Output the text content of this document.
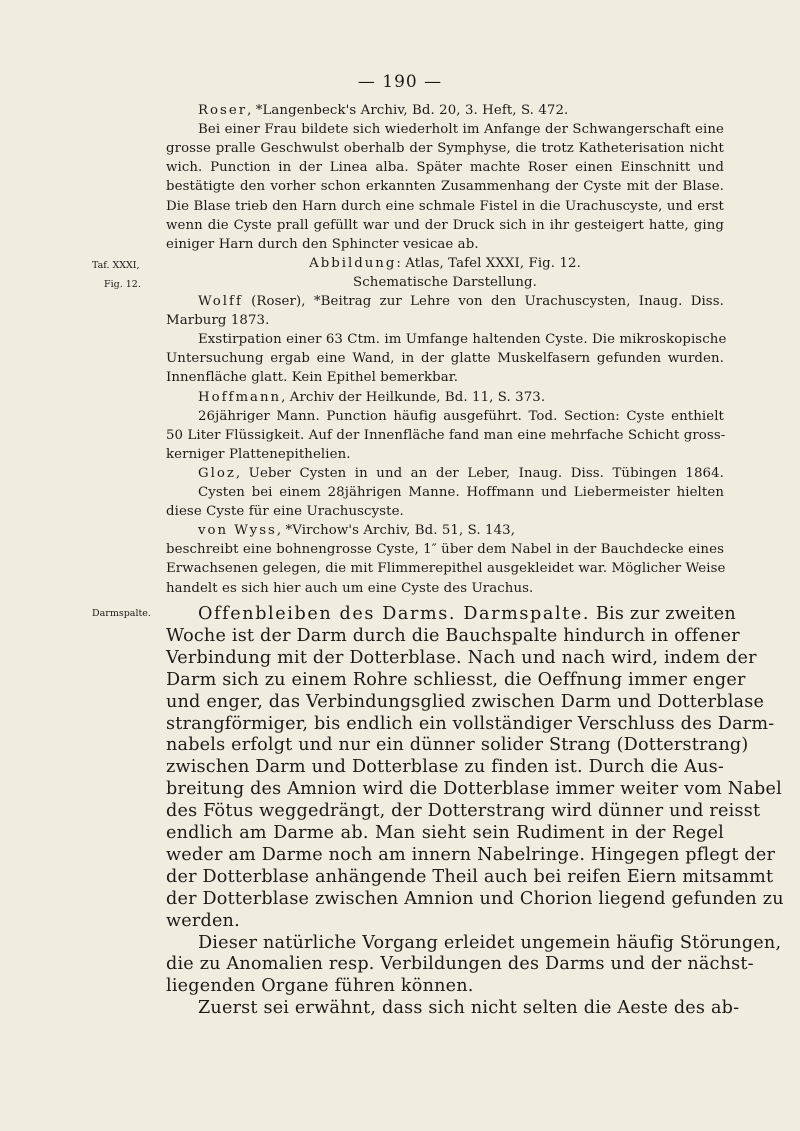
— 190 —
Taf. XXXI,
Fig. 12.
Darmspalte.
Roser, *Langenbeck's Archiv, Bd. 20, 3. Heft, S. 472.
Bei einer Frau bildete sich wiederholt im Anfange der Schwangerschaft eine
grosse pralle Geschwulst oberhalb der Symphyse, die trotz Katheterisation nicht
wich. Punction in der Linea alba. Später machte Roser einen Einschnitt und
bestätigte den vorher schon erkannten Zusammenhang der Cyste mit der Blase.
Die Blase trieb den Harn durch eine schmale Fistel in die Urachuscyste, und erst
wenn die Cyste prall gefüllt war und der Druck sich in ihr gesteigert hatte, ging
einiger Harn durch den Sphincter vesicae ab.
Abbildung: Atlas, Tafel XXXI, Fig. 12.
Schematische Darstellung.
Wolff (Roser), *Beitrag zur Lehre von den Urachuscysten, Inaug. Diss.
Marburg 1873.
Exstirpation einer 63 Ctm. im Umfange haltenden Cyste. Die mikroskopische
Untersuchung ergab eine Wand, in der glatte Muskelfasern gefunden wurden.
Innenfläche glatt. Kein Epithel bemerkbar.
Hoffmann, Archiv der Heilkunde, Bd. 11, S. 373.
26jähriger Mann. Punction häufig ausgeführt. Tod. Section: Cyste enthielt
50 Liter Flüssigkeit. Auf der Innenfläche fand man eine mehrfache Schicht gross-
kerniger Plattenepithelien.
Gloz, Ueber Cysten in und an der Leber, Inaug. Diss. Tübingen 1864.
Cysten bei einem 28jährigen Manne. Hoffmann und Liebermeister hielten
diese Cyste für eine Urachuscyste.
von Wyss, *Virchow's Archiv, Bd. 51, S. 143,
beschreibt eine bohnengrosse Cyste, 1″ über dem Nabel in der Bauchdecke eines
Erwachsenen gelegen, die mit Flimmerepithel ausgekleidet war. Möglicher Weise
handelt es sich hier auch um eine Cyste des Urachus.
Offenbleiben des Darms. Darmspalte. Bis zur zweiten
Woche ist der Darm durch die Bauchspalte hindurch in offener
Verbindung mit der Dotterblase. Nach und nach wird, indem der
Darm sich zu einem Rohre schliesst, die Oeffnung immer enger
und enger, das Verbindungsglied zwischen Darm und Dotterblase
strangförmiger, bis endlich ein vollständiger Verschluss des Darm-
nabels erfolgt und nur ein dünner solider Strang (Dotterstrang)
zwischen Darm und Dotterblase zu finden ist. Durch die Aus-
breitung des Amnion wird die Dotterblase immer weiter vom Nabel
des Fötus weggedrängt, der Dotterstrang wird dünner und reisst
endlich am Darme ab. Man sieht sein Rudiment in der Regel
weder am Darme noch am innern Nabelringe. Hingegen pflegt der
der Dotterblase anhängende Theil auch bei reifen Eiern mitsammt
der Dotterblase zwischen Amnion und Chorion liegend gefunden zu
werden.
Dieser natürliche Vorgang erleidet ungemein häufig Störungen,
die zu Anomalien resp. Verbildungen des Darms und der nächst-
liegenden Organe führen können.
Zuerst sei erwähnt, dass sich nicht selten die Aeste des ab-
